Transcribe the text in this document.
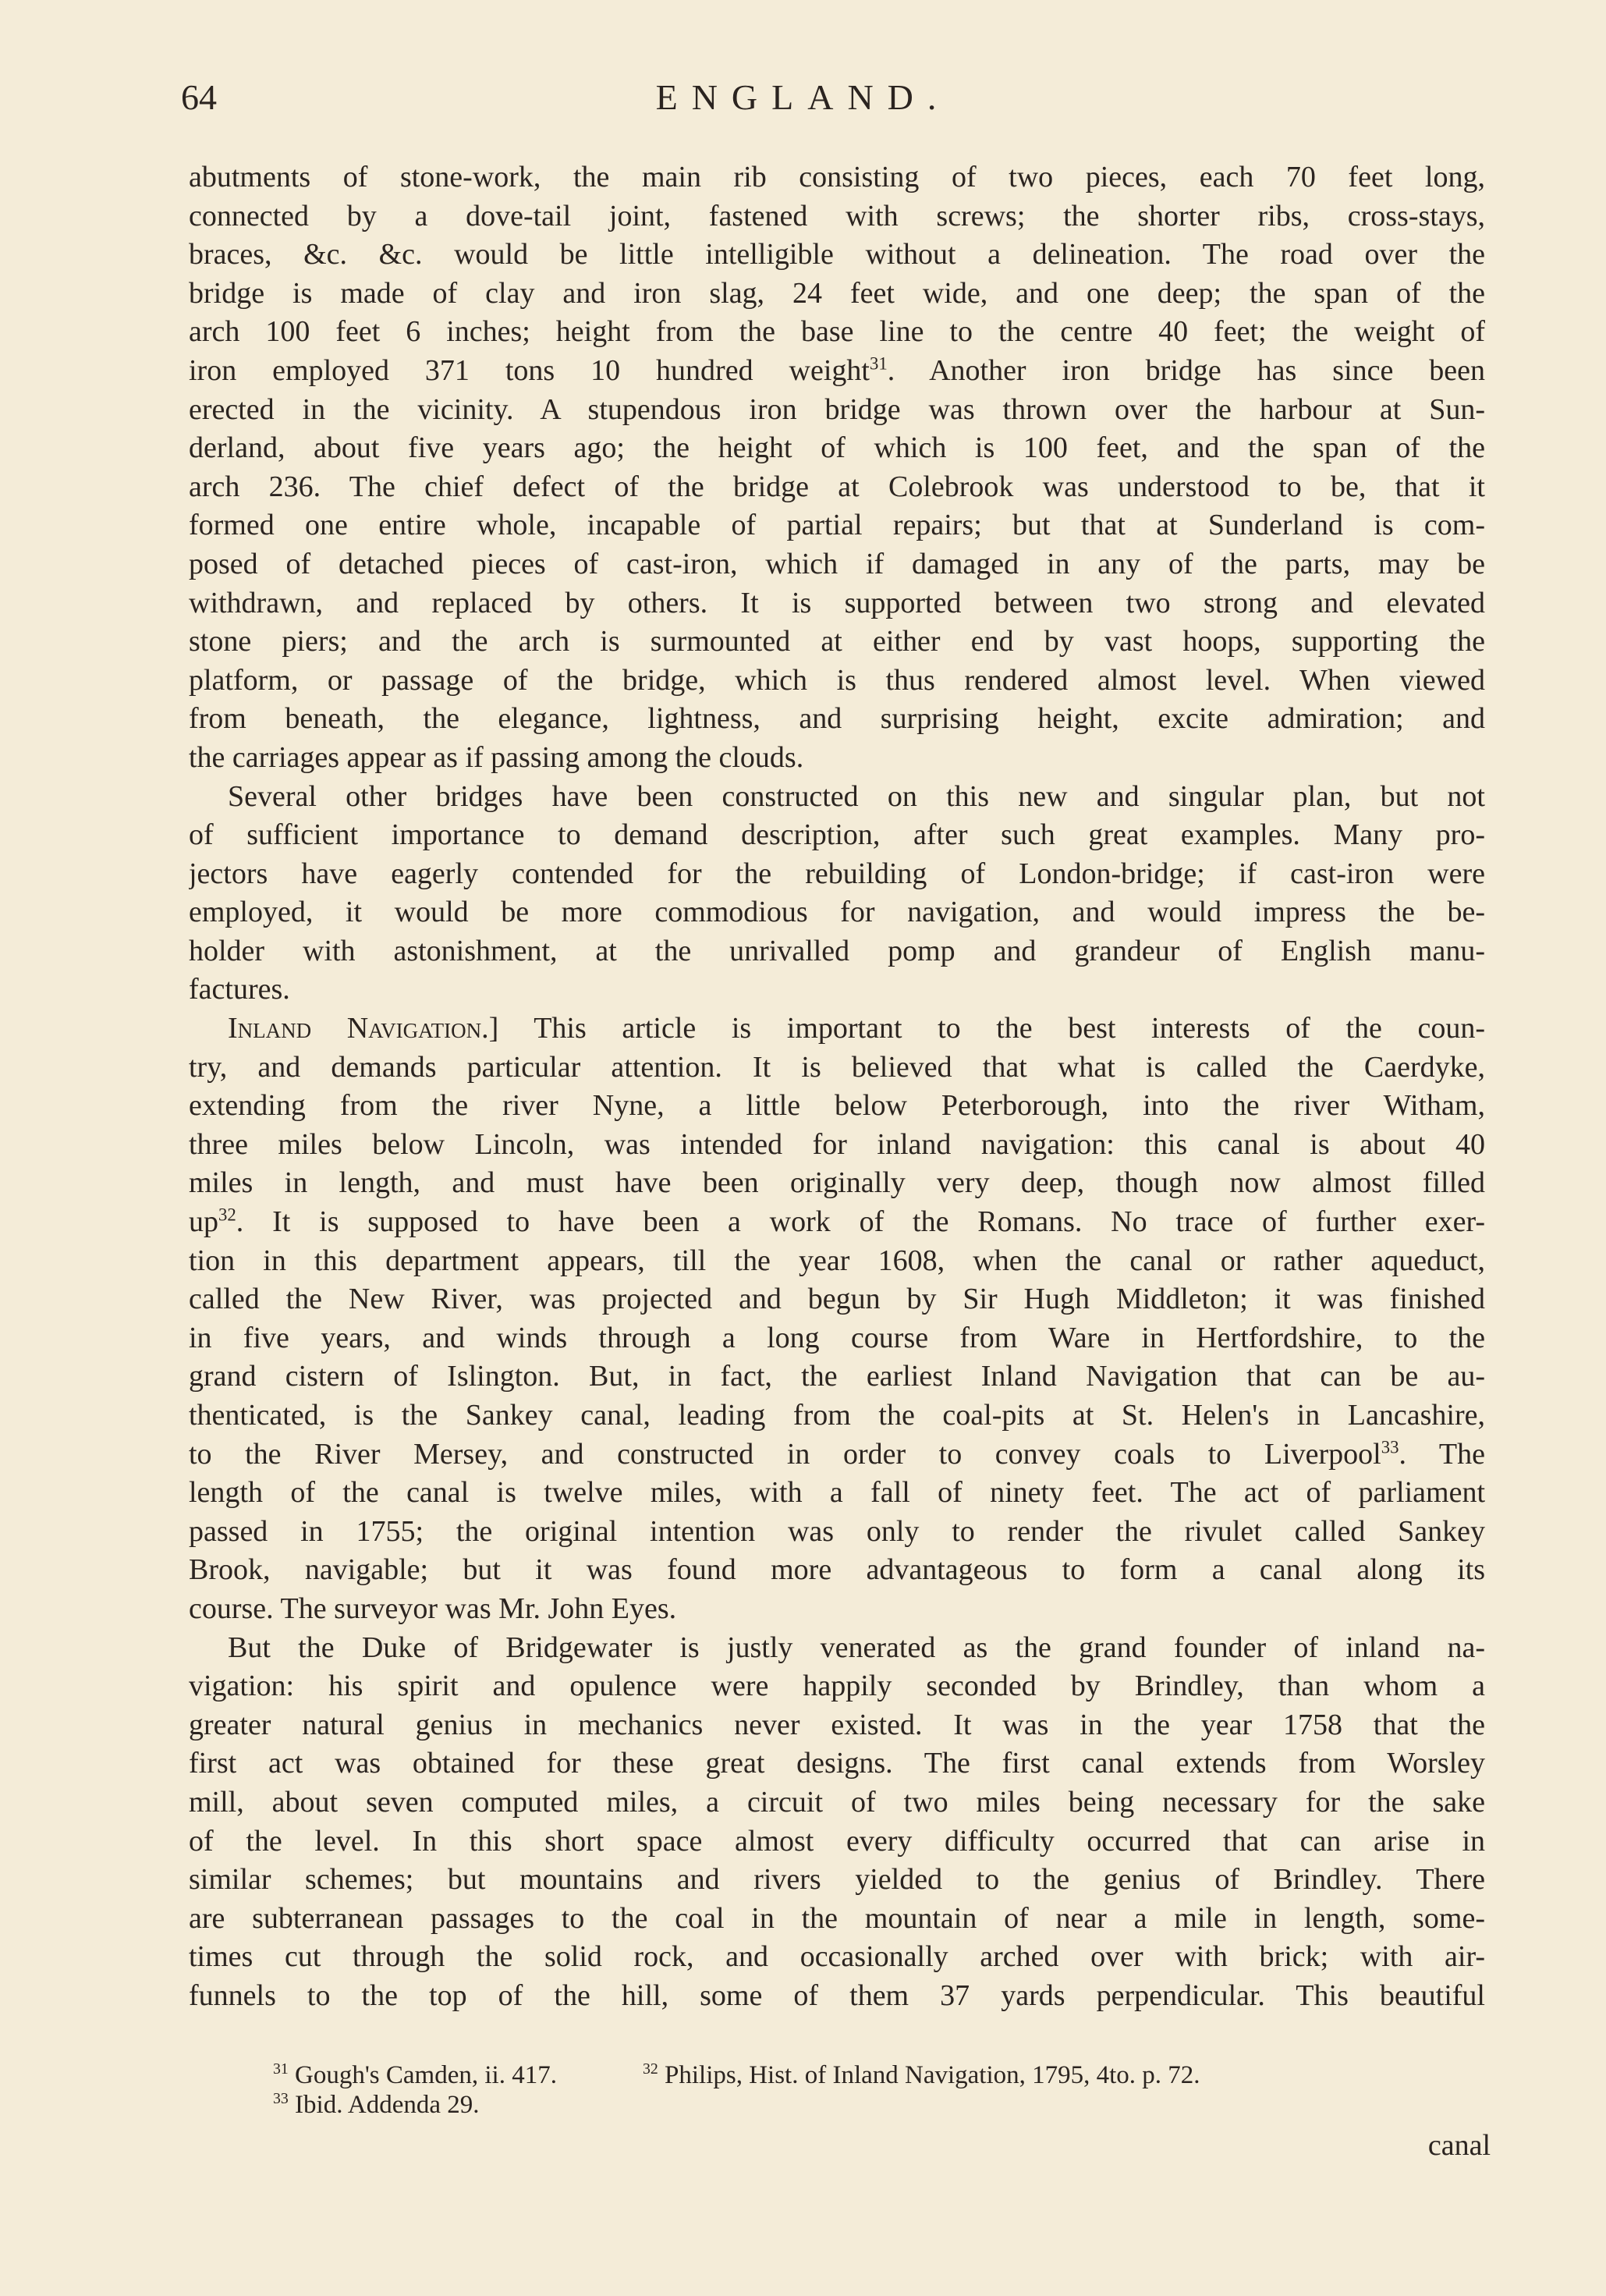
64	ENGLAND.
abutments of stone-work, the main rib consisting of two pieces, each 70 feet long,
connected by a dove-tail joint, fastened with screws; the shorter ribs, cross-stays,
braces, &c. &c. would be little intelligible without a delineation. The road over the
bridge is made of clay and iron slag, 24 feet wide, and one deep; the span of the
arch 100 feet 6 inches; height from the base line to the centre 40 feet; the weight of
iron employed 371 tons 10 hundred weight$^{31}$. Another iron bridge has since been
erected in the vicinity. A stupendous iron bridge was thrown over the harbour at Sun-
derland, about five years ago; the height of which is 100 feet, and the span of the
arch 236. The chief defect of the bridge at Colebrook was understood to be, that it
formed one entire whole, incapable of partial repairs; but that at Sunderland is com-
posed of detached pieces of cast-iron, which if damaged in any of the parts, may be
withdrawn, and replaced by others. It is supported between two strong and elevated
stone piers; and the arch is surmounted at either end by vast hoops, supporting the
platform, or passage of the bridge, which is thus rendered almost level. When viewed
from beneath, the elegance, lightness, and surprising height, excite admiration; and
the carriages appear as if passing among the clouds.
Several other bridges have been constructed on this new and singular plan, but not
of sufficient importance to demand description, after such great examples. Many pro-
jectors have eagerly contended for the rebuilding of London-bridge; if cast-iron were
employed, it would be more commodious for navigation, and would impress the be-
holder with astonishment, at the unrivalled pomp and grandeur of English manu-
factures.
Inland Navigation.] This article is important to the best interests of the coun-
try, and demands particular attention. It is believed that what is called the Caerdyke,
extending from the river Nyne, a little below Peterborough, into the river Witham,
three miles below Lincoln, was intended for inland navigation: this canal is about 40
miles in length, and must have been originally very deep, though now almost filled
$up^{32}$. It is supposed to have been a work of the Romans. No trace of further exer-
tion in this department appears, till the year 1608, when the canal or rather aqueduct,
called the New River, was projected and begun by Sir Hugh Middleton; it was finished
in five years, and winds through a long course from Ware in Hertfordshire, to the
grand cistern of Islington. But, in fact, the earliest Inland Navigation that can be au-
thenticated, is the Sankey canal, leading from the coal-pits at St. Helen's in Lancashire,
to the River Mersey, and constructed in order to convey coals to Liverpool$^{33}$. The
length of the canal is twelve miles, with a fall of ninety feet. The act of parliament
passed in 1755; the original intention was only to render the rivulet called Sankey
Brook, navigable; but it was found more advantageous to form a canal along its
course. The surveyor was Mr. John Eyes.
But the Duke of Bridgewater is justly venerated as the grand founder of inland na-
vigation: his spirit and opulence were happily seconded by Brindley, than whom a
greater natural genius in mechanics never existed. It was in the year 1758 that the
first act was obtained for these great designs. The first canal extends from Worsley
mill, about seven computed miles, a circuit of two miles being necessary for the sake
of the level. In this short space almost every difficulty occurred that can arise in
similar schemes; but mountains and rivers yielded to the genius of Brindley. There
are subterranean passages to the coal in the mountain of near a mile in length, some-
times cut through the solid rock, and occasionally arched over with brick; with air-
funnels to the top of the hill, some of them 37 yards perpendicular. This beautiful
$^{31}$ Gough's Camden, ii. 417.	$^{32}$ Philips, Hist. of Inland Navigation, 1795, 4to. p. 72.
$^{33}$ Ibid. Addenda 29.
canal
